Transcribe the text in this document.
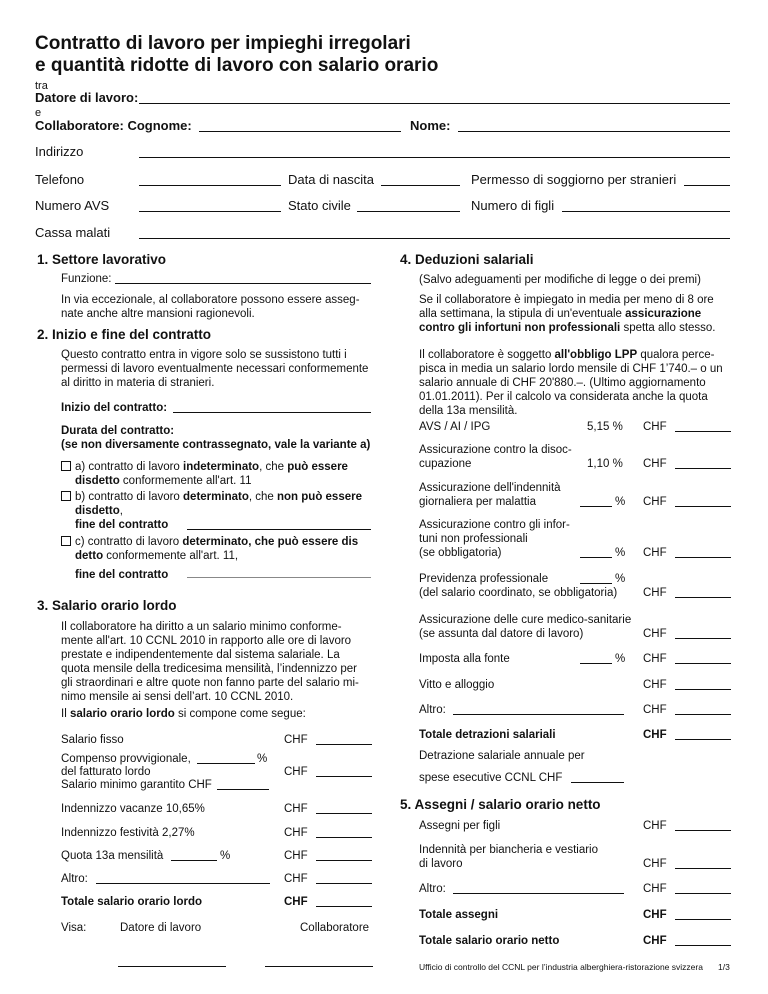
Contratto di lavoro per impieghi irregolari
e quantità ridotte di lavoro con salario orario
tra
Datore di lavoro:
e
Collaboratore: Cognome:	Nome:
Indirizzo
Telefono	Data di nascita	Permesso di soggiorno per stranieri
Numero AVS	Stato civile	Numero di figli
Cassa malati
1. Settore lavorativo
Funzione:
In via eccezionale, al collaboratore possono essere asseg-
nate anche altre mansioni ragionevoli.
2. Inizio e fine del contratto
Questo contratto entra in vigore solo se sussistono tutti i
permessi di lavoro eventualmente necessari conformemente
al diritto in materia di stranieri.
Inizio del contratto:
Durata del contratto:
(se non diversamente contrassegnato, vale la variante a)
a) contratto di lavoro indeterminato, che può essere
disdetto conformemente all'art. 11
b) contratto di lavoro determinato, che non può essere
disdetto,
fine del contratto
c) contratto di lavoro determinato, che può essere dis
detto conformemente all'art. 11,
fine del contratto
3. Salario orario lordo
Il collaboratore ha diritto a un salario minimo conforme-
mente all'art. 10 CCNL 2010 in rapporto alle ore di lavoro
prestate e indipendentemente dal sistema salariale. La
quota mensile della tredicesima mensilità, l’indennizzo per
gli straordinari e altre quote non fanno parte del salario mi-
nimo mensile ai sensi dell’art. 10 CCNL 2010.
Il salario orario lordo si compone come segue:
Salario fisso	CHF
Compenso provvigionale,	%
del fatturato lordo	CHF
Salario minimo garantito CHF
Indennizzo vacanze 10,65%	CHF
Indennizzo festività 2,27%	CHF
Quota 13a mensilità	%	CHF
Altro:	CHF
Totale salario orario lordo	CHF
Visa:	Datore di lavoro	Collaboratore
4. Deduzioni salariali
(Salvo adeguamenti per modifiche di legge o dei premi)
Se il collaboratore è impiegato in media per meno di 8 ore
alla settimana, la stipula di un'eventuale assicurazione
contro gli infortuni non professionali spetta allo stesso.
Il collaboratore è soggetto all'obbligo LPP qualora perce-
pisca in media un salario lordo mensile di CHF 1’740.– o un
salario annuale di CHF 20'880.–. (Ultimo aggiornamento
01.01.2011). Per il calcolo va considerata anche la quota
della 13a mensilità.
AVS / AI / IPG	5,15 % CHF
Assicurazione contro la disoc-
cupazione	1,10 % CHF
Assicurazione dell'indennità
giornaliera per malattia	% CHF
Assicurazione contro gli infor-
tuni non professionali
(se obbligatoria)	% CHF
Previdenza professionale	%
(del salario coordinato, se obbligatoria) CHF
Assicurazione delle cure medico-sanitarie
(se assunta dal datore di lavoro)	CHF
Imposta alla fonte	% CHF
Vitto e alloggio	CHF
Altro:	CHF
Totale detrazioni salariali	CHF
Detrazione salariale annuale per
spese esecutive CCNL CHF
5. Assegni / salario orario netto
Assegni per figli	CHF
Indennità per biancheria e vestiario
di lavoro	CHF
Altro:	CHF
Totale assegni	CHF
Totale salario orario netto	CHF
Ufficio di controllo del CCNL per l’industria alberghiera-ristorazione svizzera 1/3
